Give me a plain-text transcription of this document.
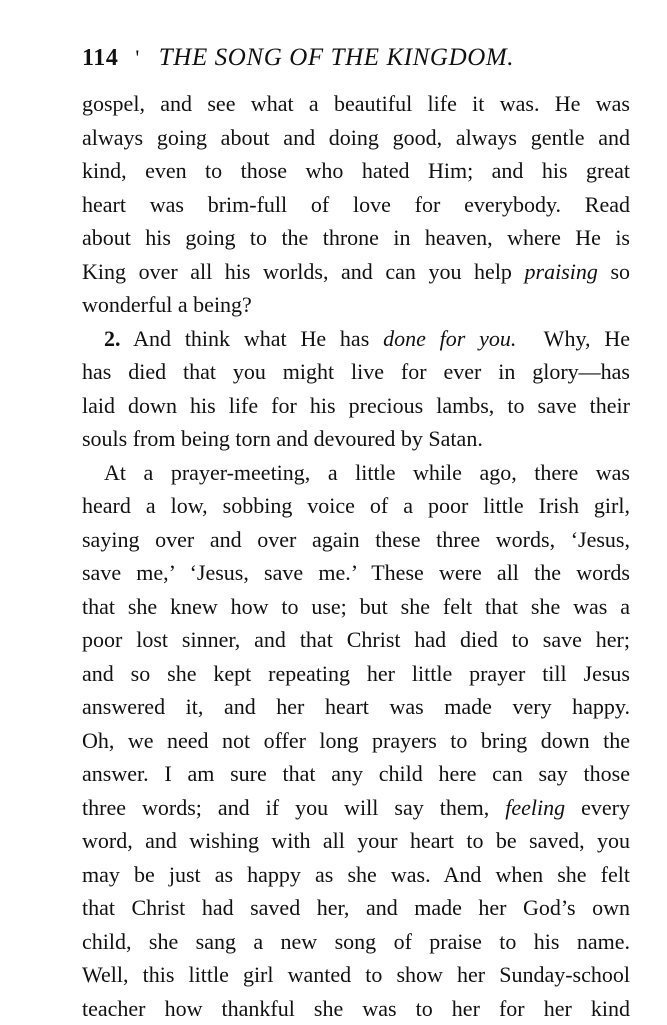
114 ' THE SONG OF THE KINGDOM.
gospel, and see what a beautiful life it was. He was
always going about and doing good, always gentle and
kind, even to those who hated Him; and his great
heart was brim-full of love for everybody. Read
about his going to the throne in heaven, where He is
King over all his worlds, and can you help praising so
wonderful a being?
2. And think what He has done for you.  Why, He
has died that you might live for ever in glory—has
laid down his life for his precious lambs, to save their
souls from being torn and devoured by Satan.
At a prayer-meeting, a little while ago, there was
heard a low, sobbing voice of a poor little Irish girl,
saying over and over again these three words, ‘Jesus,
save me,’ ‘Jesus, save me.’ These were all the words
that she knew how to use; but she felt that she was a
poor lost sinner, and that Christ had died to save her;
and so she kept repeating her little prayer till Jesus
answered it, and her heart was made very happy.
Oh, we need not offer long prayers to bring down the
answer. I am sure that any child here can say those
three words; and if you will say them, feeling every
word, and wishing with all your heart to be saved, you
may be just as happy as she was. And when she felt
that Christ had saved her, and made her God’s own
child, she sang a new song of praise to his name.
Well, this little girl wanted to show her Sunday-school
teacher how thankful she was to her for her kind
